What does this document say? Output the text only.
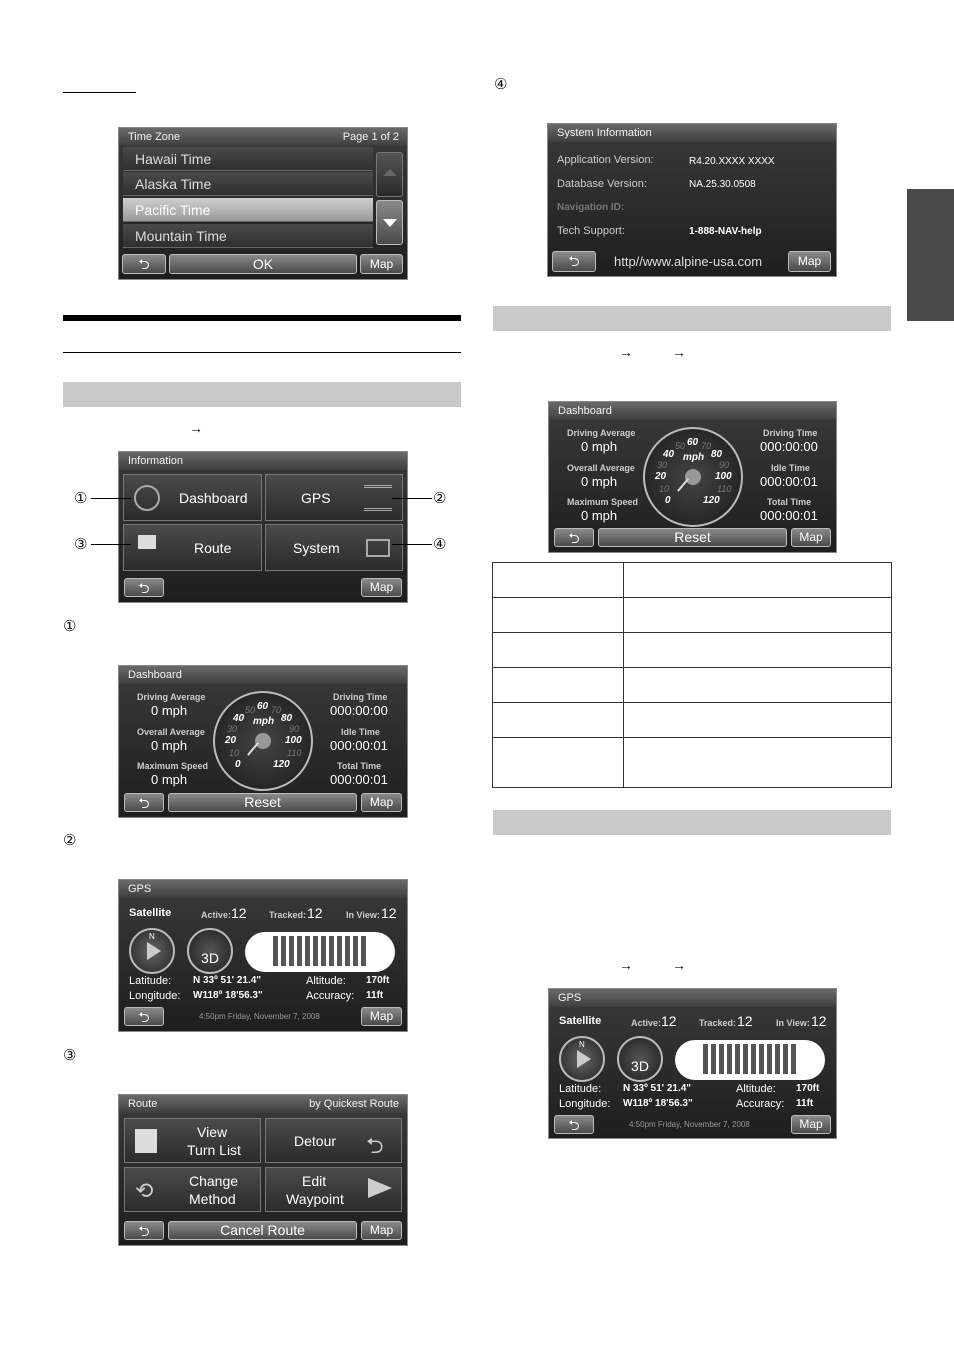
Time Zone	Page 1 of 2
Hawaii Time
Alaska Time
Pacific Time
Mountain Time
⮌	OK	Map
→
Information
Dashboard	GPS
Route	System
⮌	Map
①	②
③	④
①
Dashboard
Driving Average
0 mph
Overall Average
0 mph
Maximum Speed
0 mph
0
20
40
60
80
100
120
10
30
50 70
90
110
mph
Driving Time
000:00:00
Idle Time
000:00:01
Total Time
000:00:01
⮌	Reset	Map
②
GPS
Satellite	Active: 12 Tracked: 12	In View: 12
N
3D
Latitude: N 33º 51' 21.4"
Longitude: W118º 18'56.3"
Altitude: 170ft
Accuracy: 11ft
⮌	4:50pm Friday, November 7, 2008	Map
③
Route	by Quickest Route
View
Turn List
Detour ⮌
⟲	Change
Method
Edit
Waypoint
⮌	Cancel Route	Map
④
System Information
Application Version:	R4.20.XXXX XXXX
Database Version:	NA.25.30.0508
Navigation ID:
Tech Support:	1-888-NAV-help
⮌	http//www.alpine-usa.com	Map
→	→
Dashboard
Driving Average
0 mph
Overall Average
0 mph
Maximum Speed
0 mph
0
20
40
60
80
100
120
10
30
50 70
90
110
mph
Driving Time
000:00:00
Idle Time
000:00:01
Total Time
000:00:01
⮌	Reset	Map

→	→
GPS
Satellite	Active: 12 Tracked: 12	In View: 12
N
3D
Latitude: N 33º 51' 21.4"
Longitude: W118º 18'56.3"
Altitude: 170ft
Accuracy: 11ft
⮌	4:50pm Friday, November 7, 2008	Map
